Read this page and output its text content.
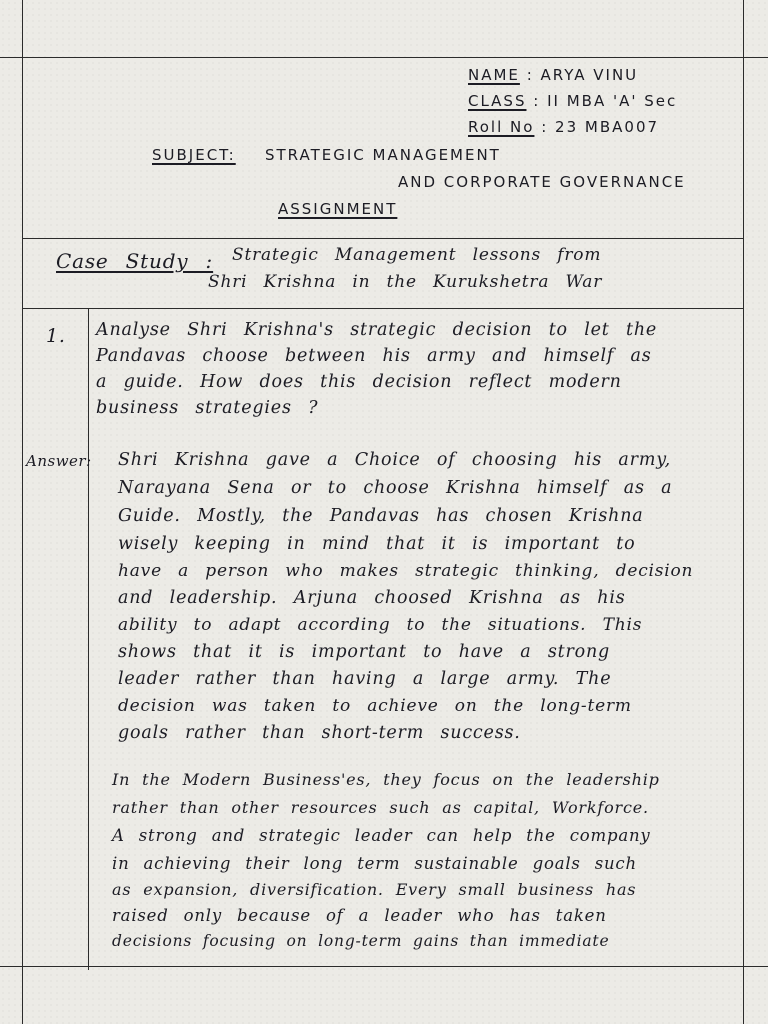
NAME : ARYA VINU
CLASS : II MBA 'A' Sec
Roll No : 23 MBA007
SUBJECT: STRATEGIC MANAGEMENT
AND CORPORATE GOVERNANCE
ASSIGNMENT
Case Study : Strategic Management lessons from
Shri Krishna in the Kurukshetra War
1. Analyse Shri Krishna's strategic decision to let the
Pandavas choose between his army and himself as
a guide. How does this decision reflect modern
business strategies ?
Answer: Shri Krishna gave a Choice of choosing his army,
Narayana Sena or to choose Krishna himself as a
Guide. Mostly, the Pandavas has chosen Krishna
wisely keeping in mind that it is important to
have a person who makes strategic thinking, decision
and leadership. Arjuna choosed Krishna as his
ability to adapt according to the situations. This
shows that it is important to have a strong
leader rather than having a large army. The
decision was taken to achieve on the long-term
goals rather than short-term success.
In the Modern Business'es, they focus on the leadership
rather than other resources such as capital, Workforce.
A strong and strategic leader can help the company
in achieving their long term sustainable goals such
as expansion, diversification. Every small business has
raised only because of a leader who has taken
decisions focusing on long-term gains than immediate
